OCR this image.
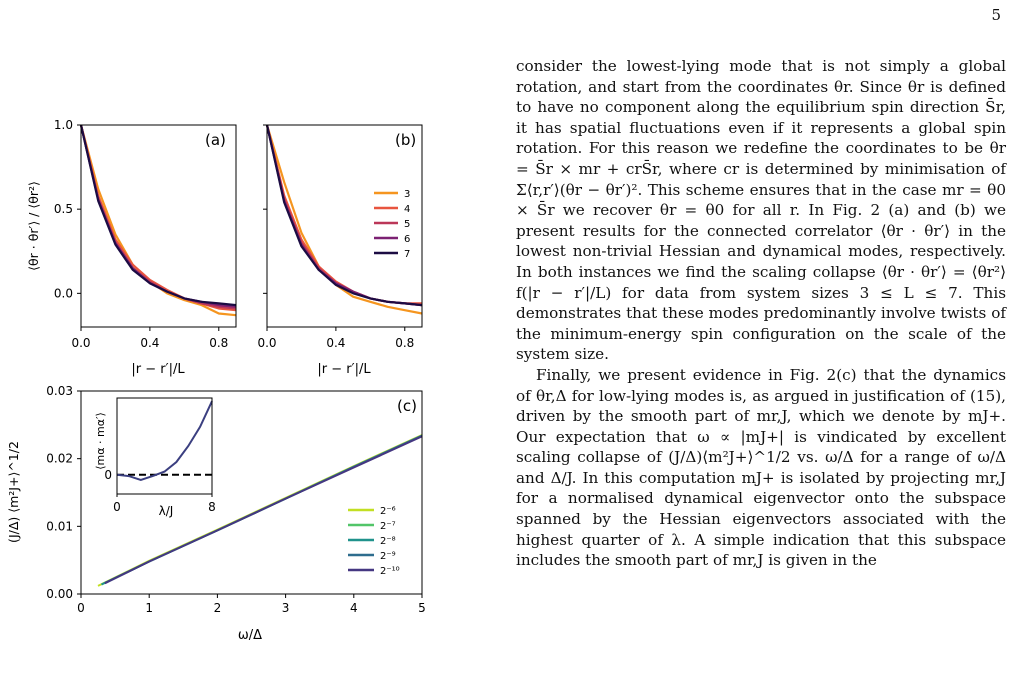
5
(a)	(b)
(c)
⟨θr · θr′⟩ / ⟨θr²⟩
|r − r′|/L	|r − r′|/L
(J/Δ) ⟨m²J+⟩^1/2
ω/Δ
λ/J
⟨mα · mα′⟩
0.0	0.4	0.8 0.0	0.4	0.8
0.0
0.5
1.0
3
4
5
6
7
0	1	2	3	4	5
0.00
0.01
0.02
0.03
2⁻⁶
2⁻⁷
2⁻⁸
2⁻⁹
2⁻¹⁰
0	8
0

consider the lowest-lying mode that is not simply a global rotation, and start from the coordinates θr. Since θr is defined to have no component along the equilibrium spin direction S̄r, it has spatial fluctuations even if it represents a global spin rotation. For this reason we redefine the coordinates to be θr = S̄r × mr + crS̄r, where cr is determined by minimisation of Σ⟨r,r′⟩(θr − θr′)². This scheme ensures that in the case mr = θ0 × S̄r we recover θr = θ0 for all r. In Fig. 2 (a) and (b) we present results for the connected correlator ⟨θr · θr′⟩ in the lowest non-trivial Hessian and dynamical modes, respectively. In both instances we find the scaling collapse ⟨θr · θr′⟩ = ⟨θr²⟩ f(|r − r′|/L) for data from system sizes 3 ≤ L ≤ 7. This demonstrates that these modes predominantly involve twists of the minimum-energy spin configuration on the scale of the system size.

Finally, we present evidence in Fig. 2(c) that the dynamics of θr,Δ for low-lying modes is, as argued in justification of (15), driven by the smooth part of mr,J, which we denote by mJ+. Our expectation that ω ∝ |mJ+| is vindicated by excellent scaling collapse of (J/Δ)⟨m²J+⟩^1/2 vs. ω/Δ for a range of ω/Δ and Δ/J. In this computation mJ+ is isolated by projecting mr,J for a normalised dynamical eigenvector onto the subspace spanned by the Hessian eigenvectors associated with the highest quarter of λ. A simple indication that this subspace includes the smooth part of mr,J is given in the
